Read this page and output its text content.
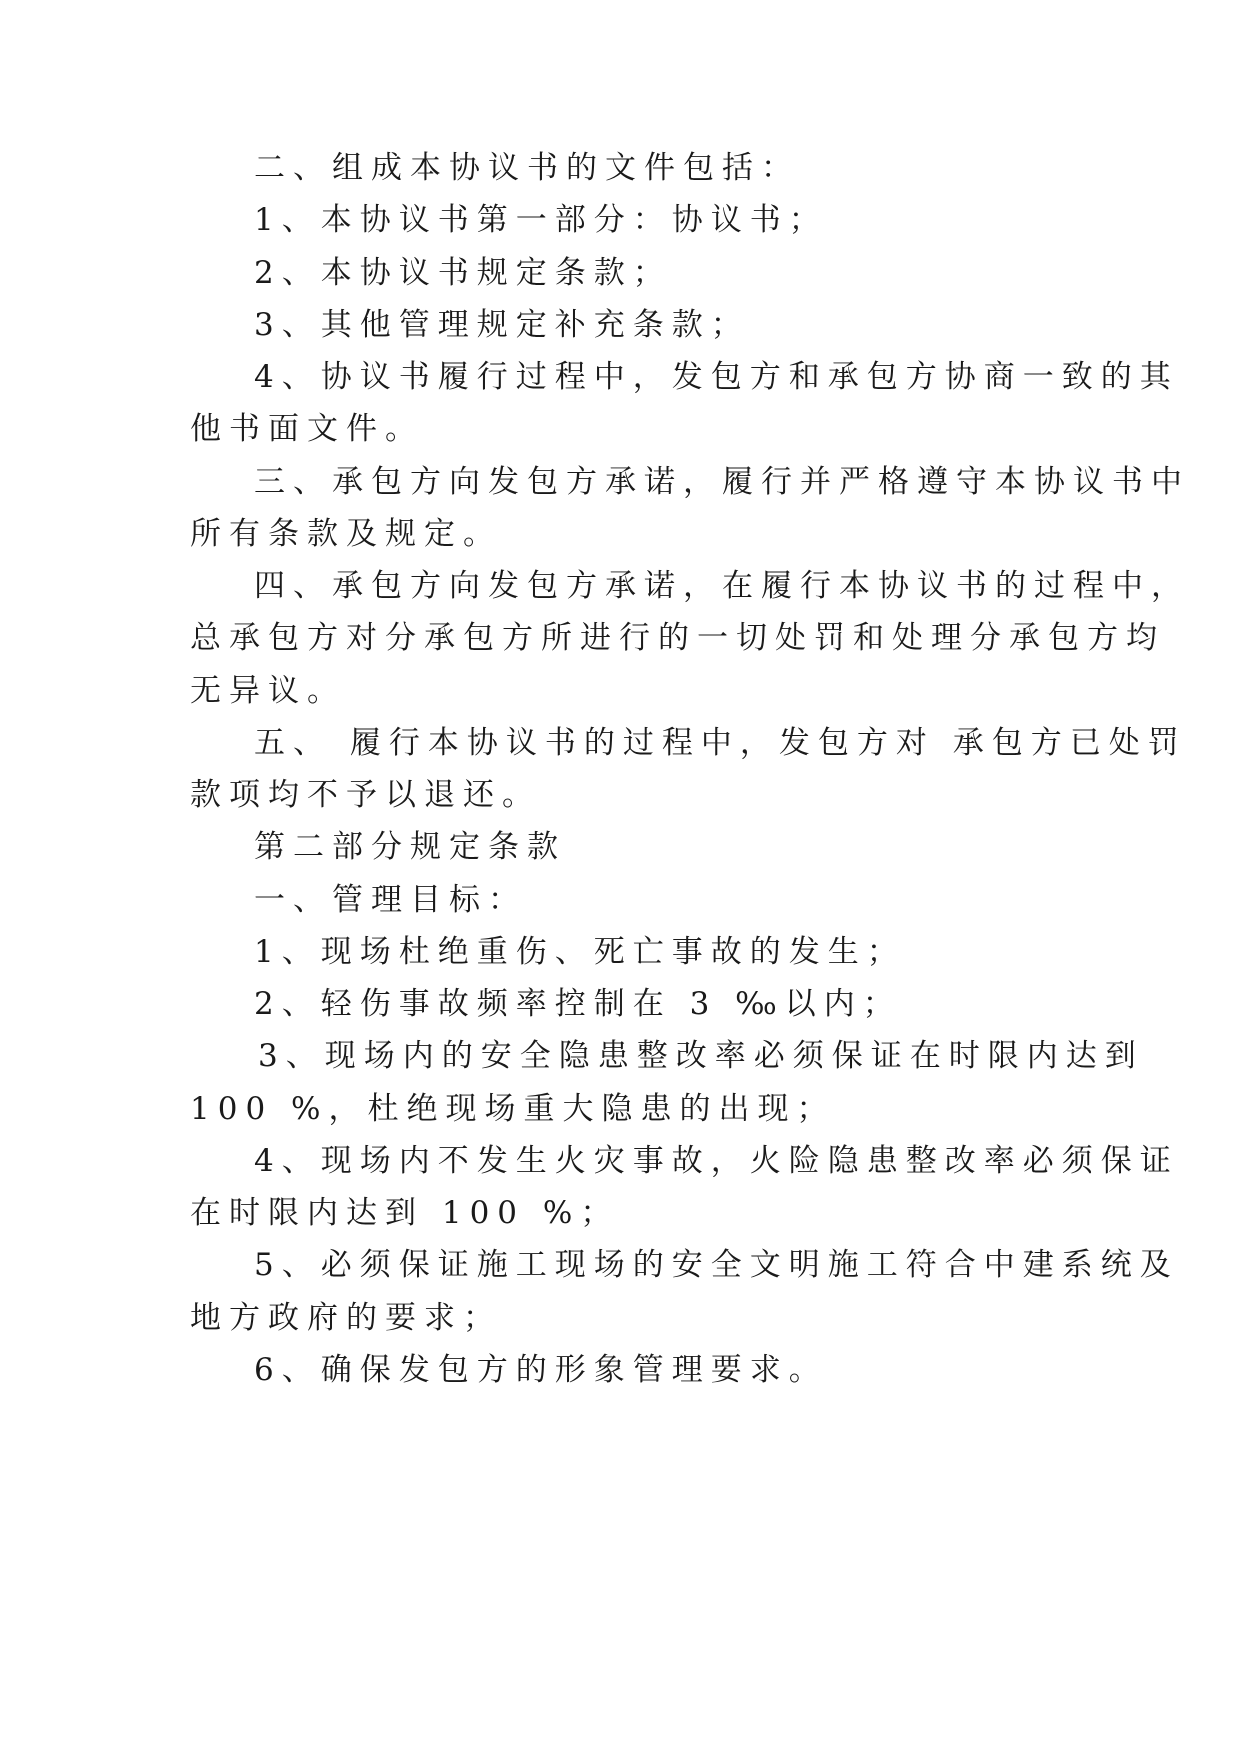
二、组成本协议书的文件包括：
1、本协议书第一部分：协议书；
2、本协议书规定条款；
3、其他管理规定补充条款；
4、协议书履行过程中，发包方和承包方协商一致的其
他书面文件。
三、承包方向发包方承诺，履行并严格遵守本协议书中
所有条款及规定。
四、承包方向发包方承诺，在履行本协议书的过程中，
总承包方对分承包方所进行的一切处罚和处理分承包方均
无异议。
五、 履行本协议书的过程中，发包方对 承包方已处罚
款项均不予以退还。
第二部分规定条款
一、管理目标：
1、现场杜绝重伤、死亡事故的发生；
2、轻伤事故频率控制在 3 ‰以内；
3、现场内的安全隐患整改率必须保证在时限内达到
100 %，杜绝现场重大隐患的出现；
4、现场内不发生火灾事故，火险隐患整改率必须保证
在时限内达到 100 %；
5、必须保证施工现场的安全文明施工符合中建系统及
地方政府的要求；
6、确保发包方的形象管理要求。
